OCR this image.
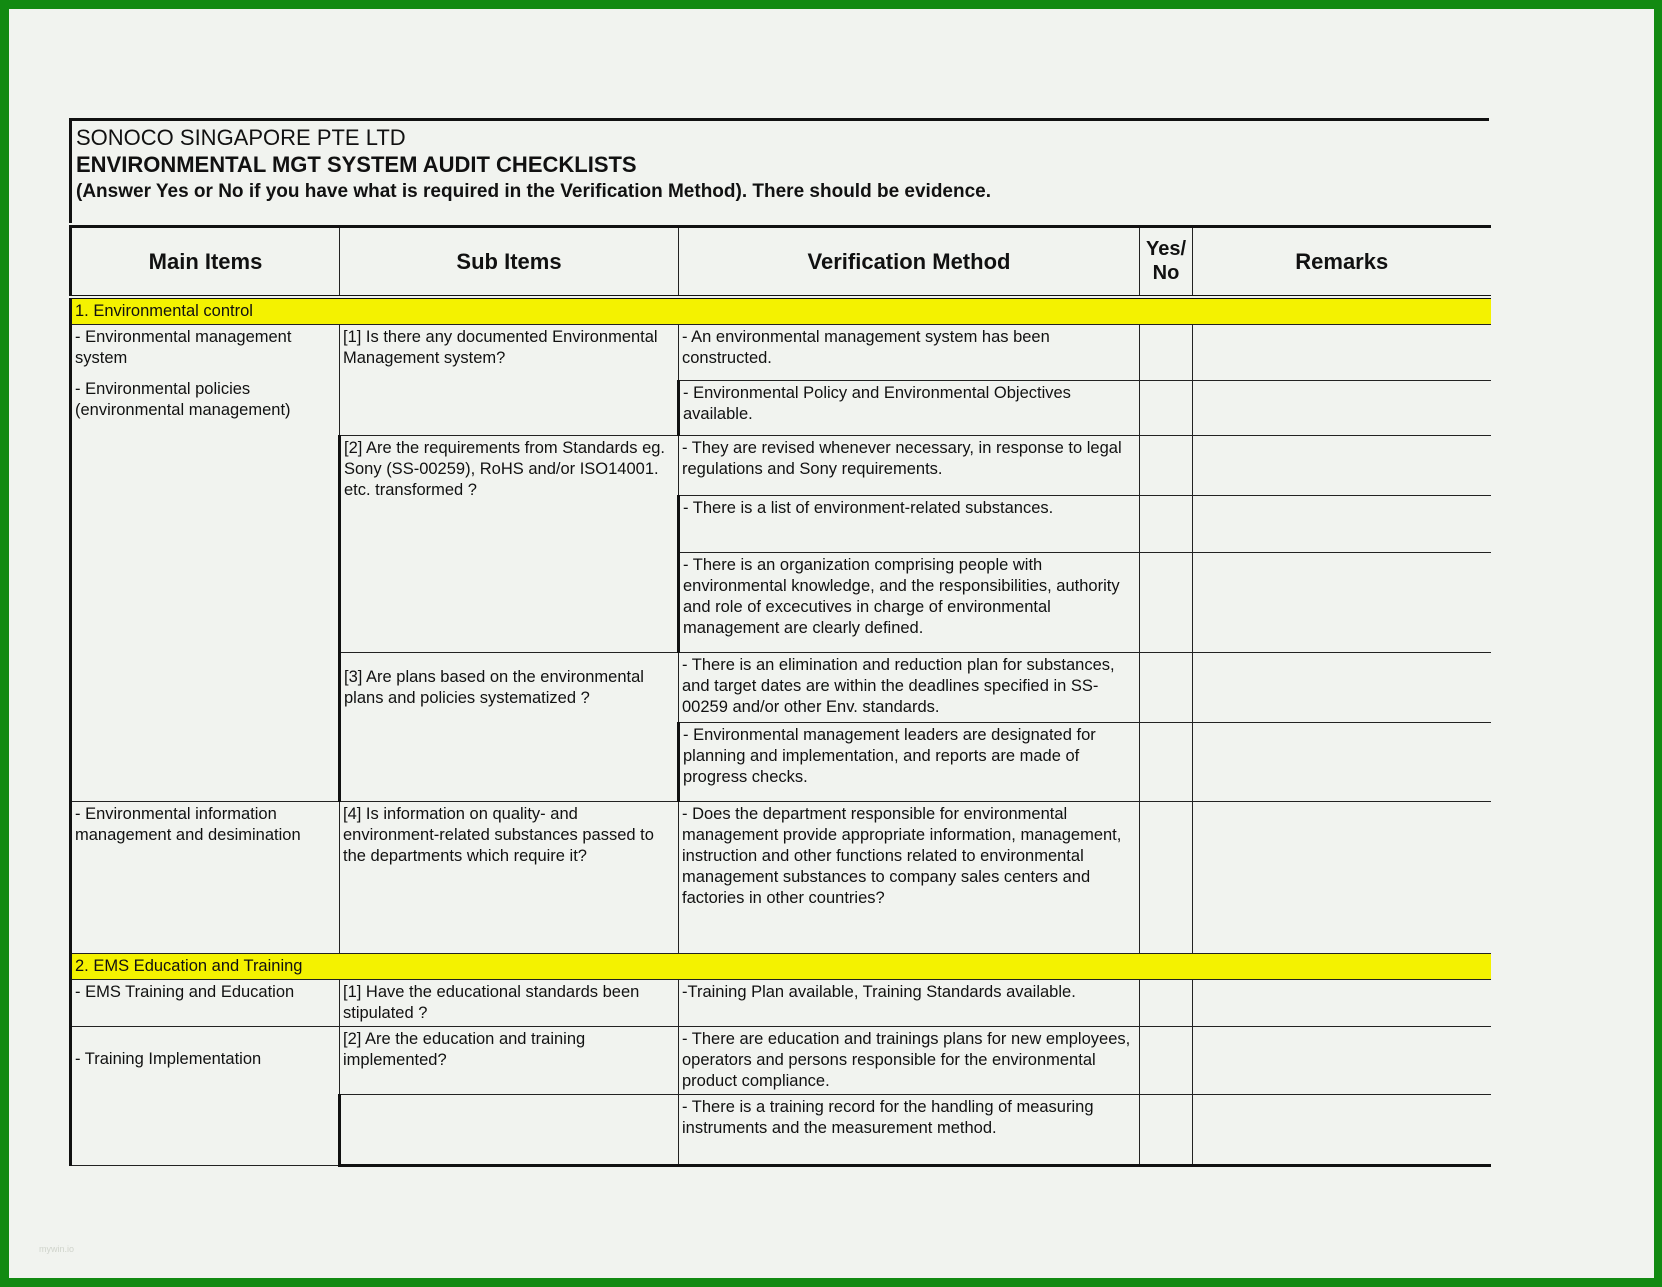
SONOCO SINGAPORE PTE LTD
ENVIRONMENTAL MGT SYSTEM AUDIT CHECKLISTS
(Answer Yes or No if you have what is required in the Verification Method). There should be evidence.
Main Items	Sub Items	Verification Method	Yes/ No	Remarks
1. Environmental control				
- Environmental management system
- Environmental policies (environmental management)	[1] Is there any documented Environmental Management system?	- An environmental management system has been constructed.		
		- Environmental Policy and Environmental Objectives available.		
	[2] Are the requirements from Standards eg. Sony (SS-00259), RoHS and/or ISO14001. etc. transformed ?	- They are revised whenever necessary, in response to legal regulations and Sony requirements.		
		- There is a list of environment-related substances.		
		- There is an organization comprising people with environmental knowledge, and the responsibilities, authority and role of excecutives in charge of environmental management are clearly defined.		
	[3] Are plans based on the environmental plans and policies systematized ?	- There is an elimination and reduction plan for substances, and target dates are within the deadlines specified in SS-00259 and/or other Env. standards.		
		- Environmental management leaders are designated for planning and implementation, and reports are made of progress checks.		
- Environmental information management and desimination	[4] Is information on quality- and environment-related substances passed to the departments which require it?	- Does the department responsible for environmental management provide appropriate information, management, instruction and other functions related to environmental management substances to company sales centers and factories in other countries?		
2. EMS Education and Training				
- EMS Training and Education	[1] Have the educational standards been stipulated ?	-Training Plan available, Training Standards available.		
- Training Implementation	[2] Are the education and training implemented?	- There are education and trainings plans for new employees, operators and persons responsible for the environmental product compliance.		
		- There is a training record for the handling of measuring instruments and the measurement method.		
mywin.io
